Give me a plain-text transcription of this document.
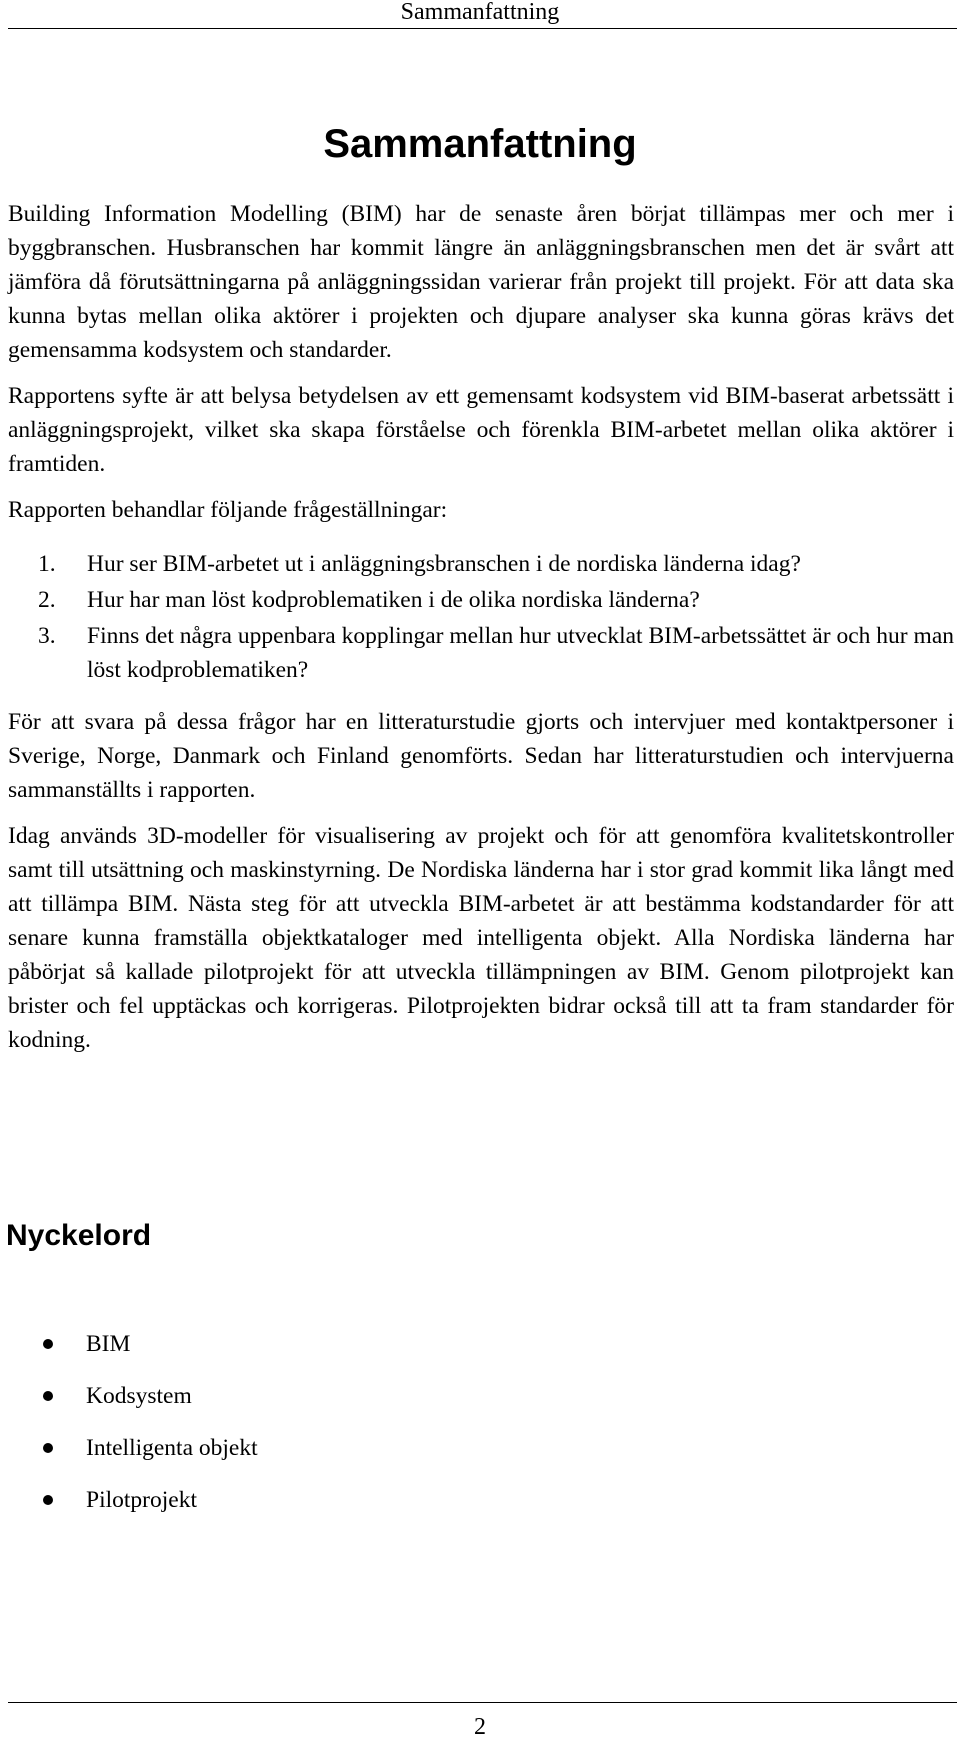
Sammanfattning
Sammanfattning

Building Information Modelling (BIM) har de senaste åren börjat tillämpas mer och mer i byggbranschen. Husbranschen har kommit längre än anläggningsbranschen men det är svårt att jämföra då förutsättningarna på anläggningssidan varierar från projekt till projekt. För att data ska kunna bytas mellan olika aktörer i projekten och djupare analyser ska kunna göras krävs det gemensamma kodsystem och standarder.

Rapportens syfte är att belysa betydelsen av ett gemensamt kodsystem vid BIM-baserat arbetssätt i anläggningsprojekt, vilket ska skapa förståelse och förenkla BIM-arbetet mellan olika aktörer i framtiden.

Rapporten behandlar följande frågeställningar:

1.	Hur ser BIM-arbetet ut i anläggningsbranschen i de nordiska länderna idag?
2.	Hur har man löst kodproblematiken i de olika nordiska länderna?
3.	Finns det några uppenbara kopplingar mellan hur utvecklat BIM-arbetssättet är och hur man löst kodproblematiken?

För att svara på dessa frågor har en litteraturstudie gjorts och intervjuer med kontaktpersoner i Sverige, Norge, Danmark och Finland genomförts. Sedan har litteraturstudien och intervjuerna sammanställts i rapporten.

Idag används 3D-modeller för visualisering av projekt och för att genomföra kvalitetskontroller samt till utsättning och maskinstyrning. De Nordiska länderna har i stor grad kommit lika långt med att tillämpa BIM. Nästa steg för att utveckla BIM-arbetet är att bestämma kodstandarder för att senare kunna framställa objektkataloger med intelligenta objekt. Alla Nordiska länderna har påbörjat så kallade pilotprojekt för att utveckla tillämpningen av BIM. Genom pilotprojekt kan brister och fel upptäckas och korrigeras. Pilotprojekten bidrar också till att ta fram standarder för kodning.

Nyckelord
BIM
Kodsystem
Intelligenta objekt
Pilotprojekt
2
